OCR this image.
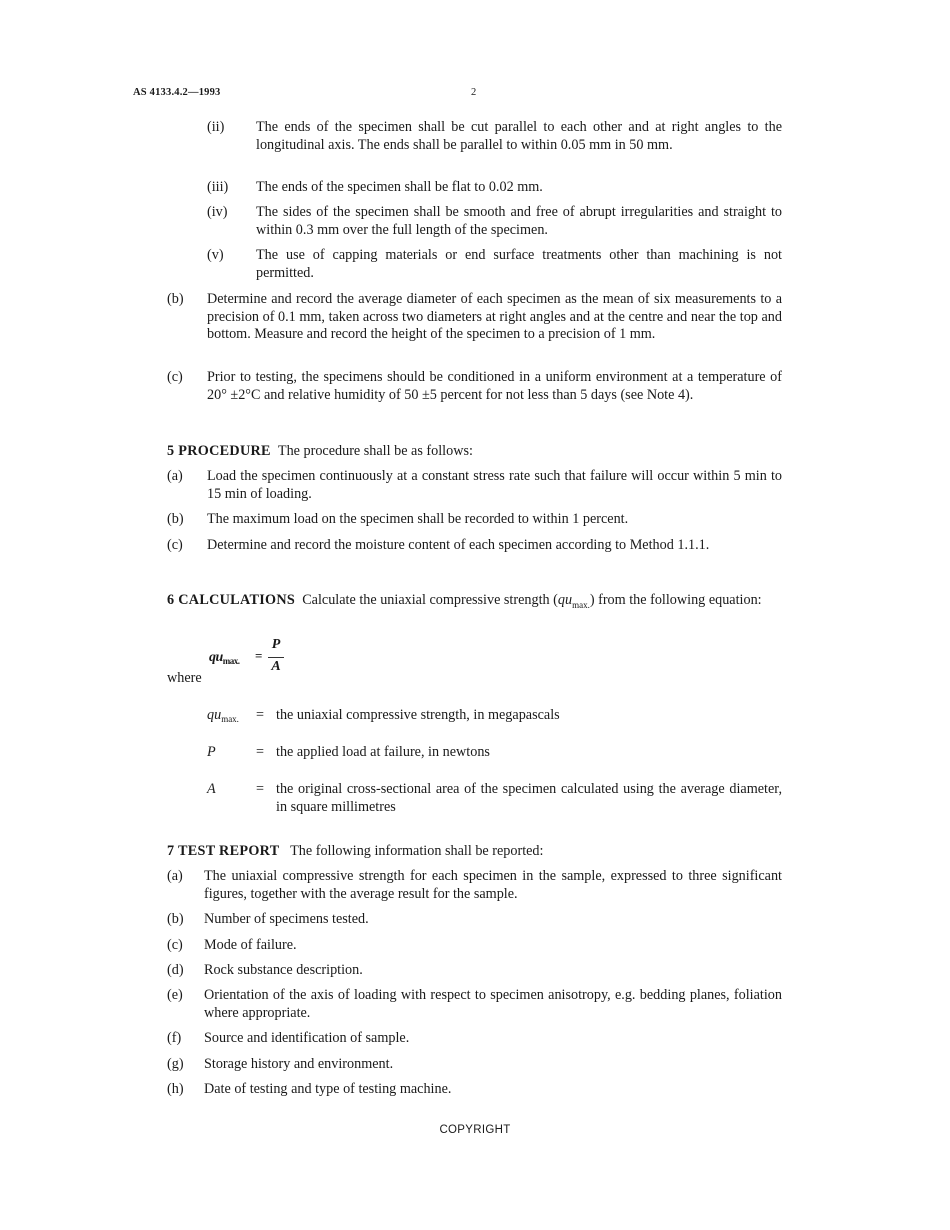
AS 4133.4.2—1993	2
(ii) The ends of the specimen shall be cut parallel to each other and at right angles to the longitudinal axis. The ends shall be parallel to within 0.05 mm in 50 mm.
(iii) The ends of the specimen shall be flat to 0.02 mm.
(iv) The sides of the specimen shall be smooth and free of abrupt irregularities and straight to within 0.3 mm over the full length of the specimen.
(v) The use of capping materials or end surface treatments other than machining is not permitted.
(b) Determine and record the average diameter of each specimen as the mean of six measurements to a precision of 0.1 mm, taken across two diameters at right angles and at the centre and near the top and bottom. Measure and record the height of the specimen to a precision of 1 mm.
(c) Prior to testing, the specimens should be conditioned in a uniform environment at a temperature of 20° ±2°C and relative humidity of 50 ±5 percent for not less than 5 days (see Note 4).
5 PROCEDURE The procedure shall be as follows:
(a) Load the specimen continuously at a constant stress rate such that failure will occur within 5 min to 15 min of loading.
(b) The maximum load on the specimen shall be recorded to within 1 percent.
(c) Determine and record the moisture content of each specimen according to Method 1.1.1.
6 CALCULATIONS Calculate the uniaxial compressive strength $(qu_{max.})$ from the following equation:
$qu_{max.}$ =
P
A
where
$qu_{max.}$ = the uniaxial compressive strength, in megapascals
P	= the applied load at failure, in newtons
A	= the original cross-sectional area of the specimen calculated using the average diameter, in square millimetres
7 TEST REPORT The following information shall be reported:
(a) The uniaxial compressive strength for each specimen in the sample, expressed to three significant figures, together with the average result for the sample.
(b) Number of specimens tested.
(c) Mode of failure.
(d) Rock substance description.
(e) Orientation of the axis of loading with respect to specimen anisotropy, e.g. bedding planes, foliation where appropriate.
(f) Source and identification of sample.
(g) Storage history and environment.
(h) Date of testing and type of testing machine.
COPYRIGHT
